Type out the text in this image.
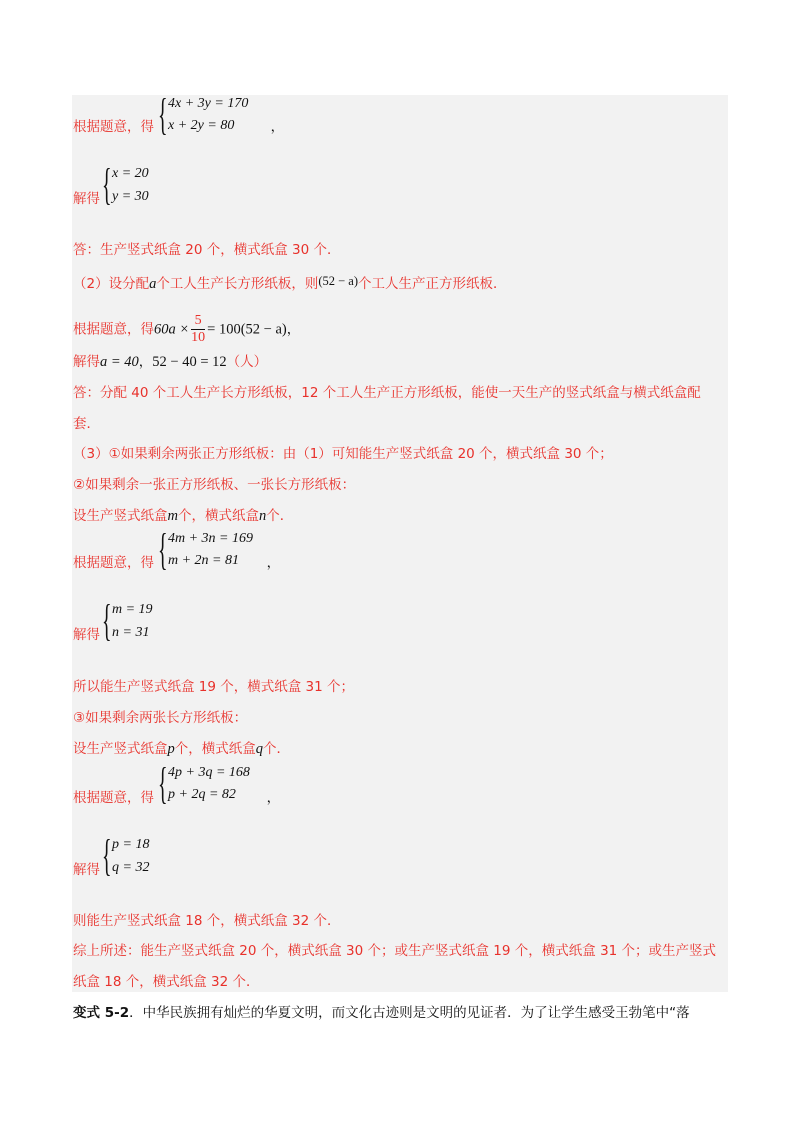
根据题意，得	，
{ 4x + 3y = 170
x + 2y = 80
解得 { x = 20
y = 30
答：生产竖式纸盒 20 个，横式纸盒 30 个．
（2）设分配a个工人生产长方形纸板，则(52 − a)个工人生产正方形纸板．
根据题意，得$60a \times \frac{5}{10} = 100(52 - a)$，
解得a = 40，52 − 40 = 12（人）
答：分配 40 个工人生产长方形纸板，12 个工人生产正方形纸板，能使一天生产的竖式纸盒与横式纸盒配
套．
（3）①如果剩余两张正方形纸板：由（1）可知能生产竖式纸盒 20 个，横式纸盒 30 个；
②如果剩余一张正方形纸板、一张长方形纸板：
设生产竖式纸盒m个，横式纸盒n个．
根据题意，得	，
{ 4m + 3n = 169
m + 2n = 81
解得 { m = 19
n = 31
所以能生产竖式纸盒 19 个，横式纸盒 31 个；
③如果剩余两张长方形纸板：
设生产竖式纸盒p个，横式纸盒q个．
根据题意，得	，
{ 4p + 3q = 168
p + 2q = 82
解得 { p = 18
q = 32
则能生产竖式纸盒 18 个，横式纸盒 32 个．
综上所述：能生产竖式纸盒 20 个，横式纸盒 30 个；或生产竖式纸盒 19 个，横式纸盒 31 个；或生产竖式
纸盒 18 个，横式纸盒 32 个．
变式 5-2．中华民族拥有灿烂的华夏文明，而文化古迹则是文明的见证者．为了让学生感受王勃笔中“落
